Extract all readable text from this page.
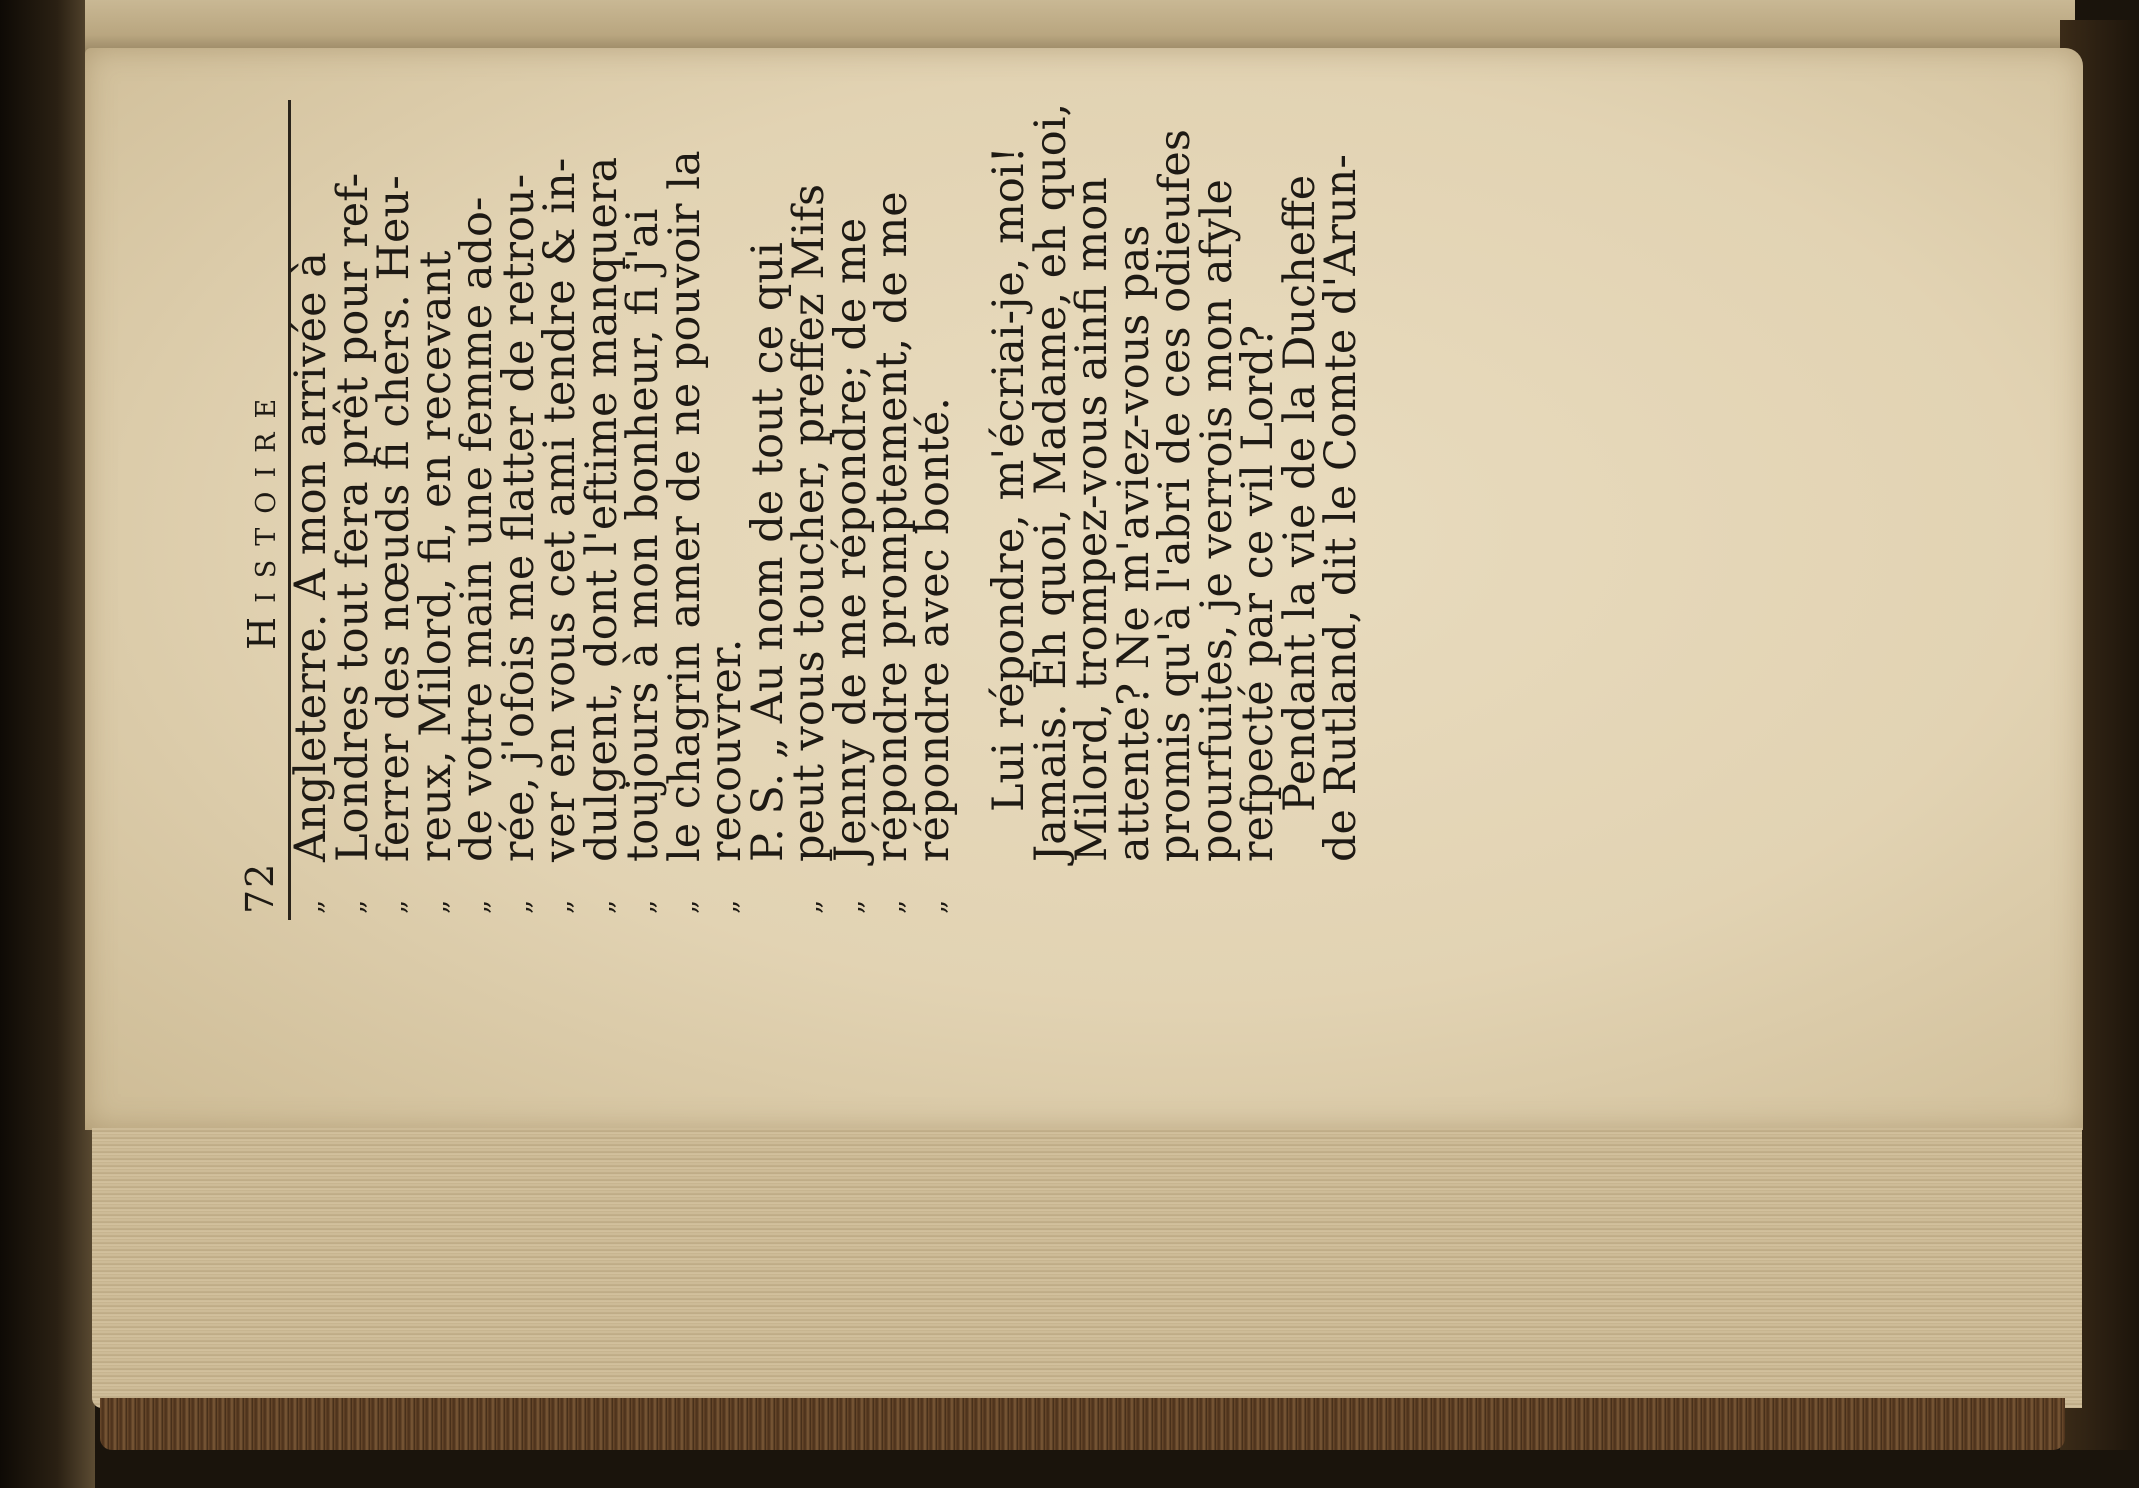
72
Histoire
„
Angleterre. A mon arrivée à
„
Londres tout fera prêt pour ref-
„
ferrer des nœuds fi chers. Heu-
„
reux, Milord, fi, en recevant
„
de votre main une femme ado-
„
rée, j'ofois me flatter de retrou-
„
ver en vous cet ami tendre & in-
„
dulgent, dont l'eftime manquera
„
toujours à mon bonheur, fi j'ai
„
le chagrin amer de ne pouvoir la
„
recouvrer.
P. S. „ Au nom de tout ce qui
„
peut vous toucher, preffez Mifs
„
Jenny de me répondre; de me
„
répondre promptement, de me
„
répondre avec bonté. Lui répondre, m'écriai-je, moi!
Jamais. Eh quoi, Madame, eh quoi,
Milord, trompez-vous ainfi mon
attente? Ne m'aviez-vous pas
promis qu'à l'abri de ces odieufes
pourfuites, je verrois mon afyle
refpecté par ce vil Lord?
Pendant la vie de la Ducheffe
de Rutland, dit le Comte d'Arun-
